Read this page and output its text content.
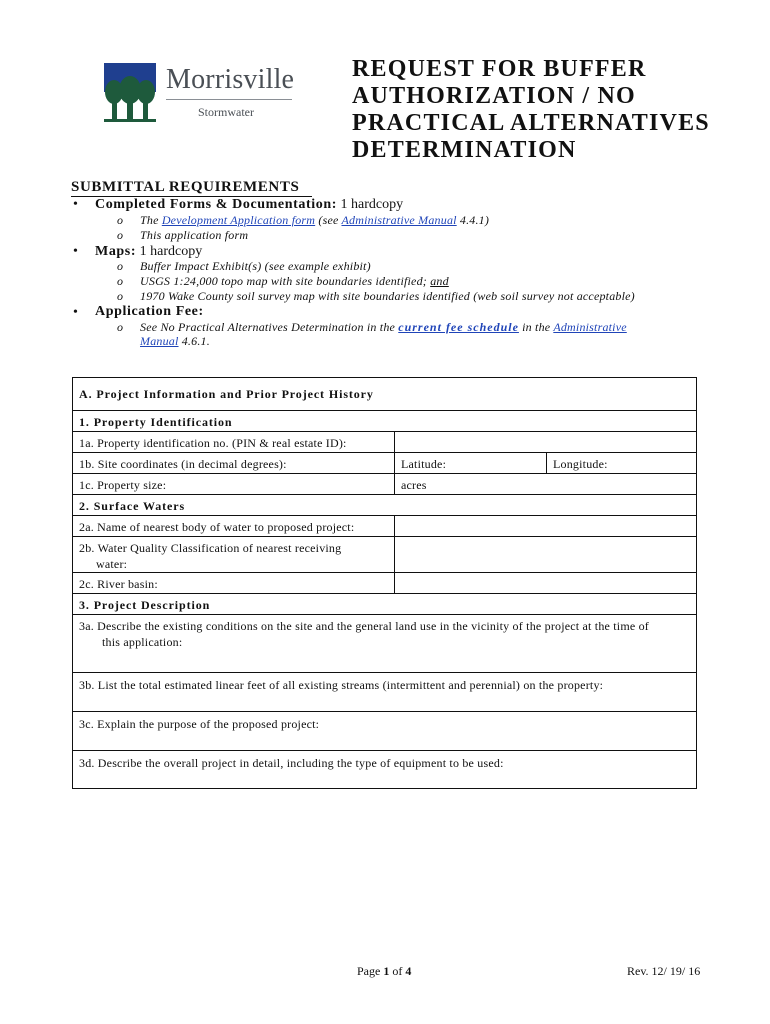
Morrisville
Stormwater
REQUEST FOR BUFFER
AUTHORIZATION / NO
PRACTICAL ALTERNATIVES
DETERMINATION
SUBMITTAL REQUIREMENTS
• Completed Forms & Documentation: 1 hardcopy
o The Development Application form (see Administrative Manual 4.4.1)
o This application form
• Maps: 1 hardcopy
o Buffer Impact Exhibit(s) (see example exhibit)
o USGS 1:24,000 topo map with site boundaries identified; and
o 1970 Wake County soil survey map with site boundaries identified (web soil survey not acceptable)
• Application Fee:
o See No Practical Alternatives Determination in the current fee schedule in the Administrative
Manual 4.6.1.
A. Project Information and Prior Project History
1. Property Identification
1a. Property identification no. (PIN & real estate ID):
1b. Site coordinates (in decimal degrees):	Latitude:	Longitude:
1c. Property size:	acres
2. Surface Waters
2a. Name of nearest body of water to proposed project:
2b. Water Quality Classification of nearest receiving
water:
2c. River basin:
3. Project Description
3a. Describe the existing conditions on the site and the general land use in the vicinity of the project at the time of
this application:
3b. List the total estimated linear feet of all existing streams (intermittent and perennial) on the property:
3c. Explain the purpose of the proposed project:
3d. Describe the overall project in detail, including the type of equipment to be used:
Page 1 of 4	Rev. 12/ 19/ 16
